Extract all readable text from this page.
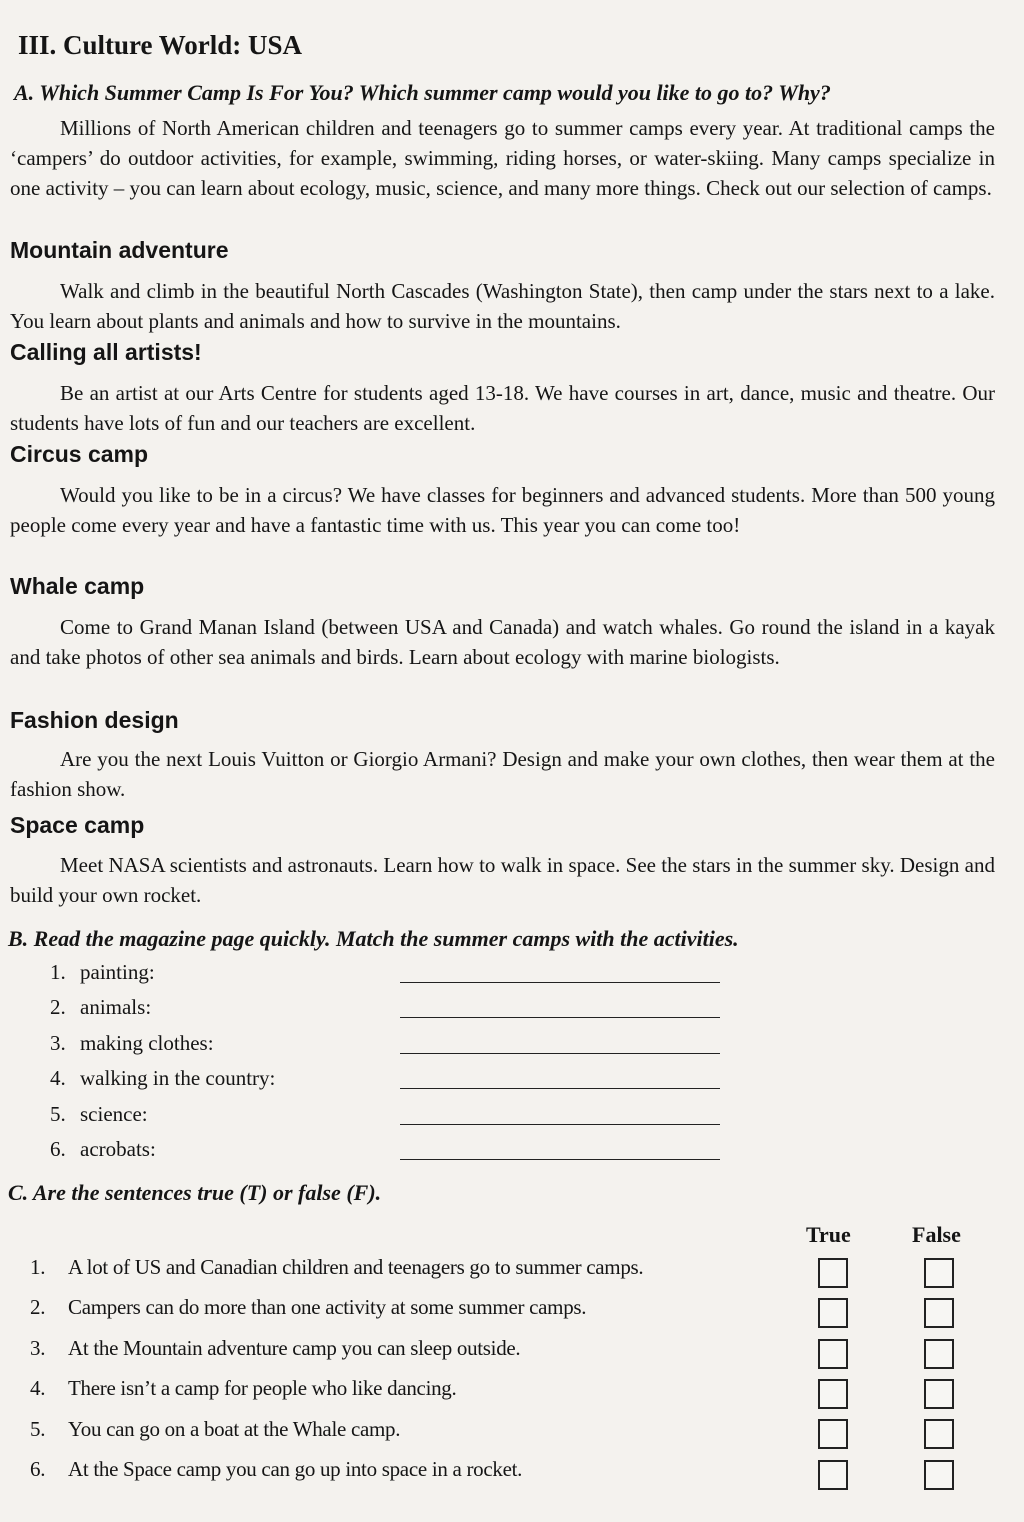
III. Culture World: USA

A. Which Summer Camp Is For You? Which summer camp would you like to go to? Why?

Millions of North American children and teenagers go to summer camps every year. At traditional camps the ‘campers’ do outdoor activities, for example, swimming, riding horses, or water-skiing. Many camps specialize in one activity – you can learn about ecology, music, science, and many more things. Check out our selection of camps.

Mountain adventure

Walk and climb in the beautiful North Cascades (Washington State), then camp under the stars next to a lake. You learn about plants and animals and how to survive in the mountains.

Calling all artists!

Be an artist at our Arts Centre for students aged 13-18. We have courses in art, dance, music and theatre. Our students have lots of fun and our teachers are excellent.

Circus camp

Would you like to be in a circus? We have classes for beginners and advanced students. More than 500 young people come every year and have a fantastic time with us. This year you can come too!

Whale camp

Come to Grand Manan Island (between USA and Canada) and watch whales. Go round the island in a kayak and take photos of other sea animals and birds. Learn about ecology with marine biologists.

Fashion design

Are you the next Louis Vuitton or Giorgio Armani? Design and make your own clothes, then wear them at the fashion show.

Space camp

Meet NASA scientists and astronauts. Learn how to walk in space. See the stars in the summer sky. Design and build your own rocket.

B. Read the magazine page quickly. Match the summer camps with the activities.

1. painting:
2. animals:
3. making clothes:
4. walking in the country:
5. science:
6. acrobats:

C. Are the sentences true (T) or false (F).

True	False
1. A lot of US and Canadian children and teenagers go to summer camps.
2. Campers can do more than one activity at some summer camps.
3. At the Mountain adventure camp you can sleep outside.
4. There isn’t a camp for people who like dancing.
5. You can go on a boat at the Whale camp.
6. At the Space camp you can go up into space in a rocket.
